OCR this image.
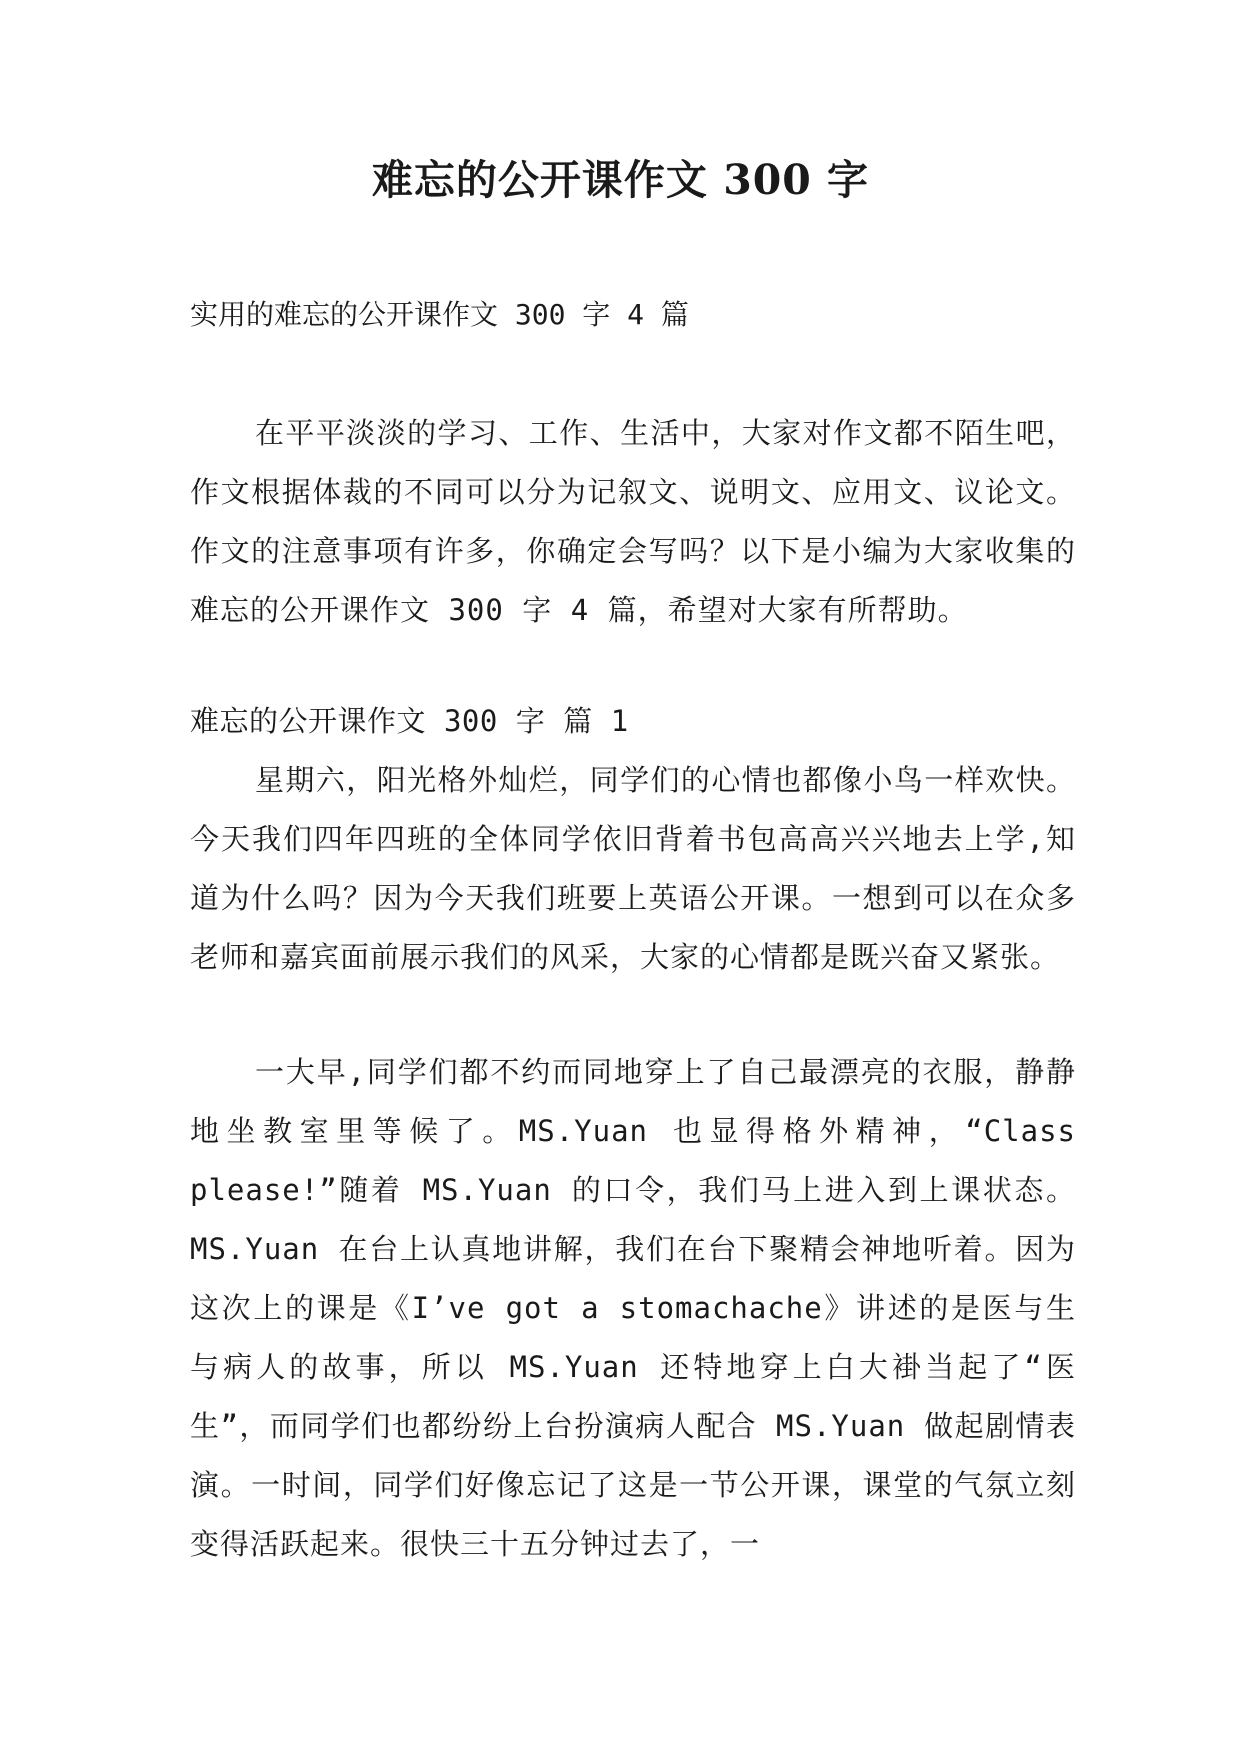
难忘的公开课作文 300 字

实用的难忘的公开课作文 300 字 4 篇

在平平淡淡的学习、工作、生活中，大家对作文都不陌生吧，作文根据体裁的不同可以分为记叙文、说明文、应用文、议论文。作文的注意事项有许多，你确定会写吗？以下是小编为大家收集的难忘的公开课作文 300 字 4 篇，希望对大家有所帮助。

难忘的公开课作文 300 字 篇 1

星期六，阳光格外灿烂，同学们的心情也都像小鸟一样欢快。今天我们四年四班的全体同学依旧背着书包高高兴兴地去上学,知道为什么吗？因为今天我们班要上英语公开课。一想到可以在众多老师和嘉宾面前展示我们的风采，大家的心情都是既兴奋又紧张。

一大早,同学们都不约而同地穿上了自己最漂亮的衣服，静静地坐教室里等候了。MS.Yuan 也显得格外精神，“Class please!”随着 MS.Yuan 的口令，我们马上进入到上课状态。MS.Yuan 在台上认真地讲解，我们在台下聚精会神地听着。因为这次上的课是《I’ve got a stomachache》讲述的是医与生与病人的故事，所以 MS.Yuan 还特地穿上白大褂当起了“医生”，而同学们也都纷纷上台扮演病人配合 MS.Yuan 做起剧情表演。一时间，同学们好像忘记了这是一节公开课，课堂的气氛立刻变得活跃起来。很快三十五分钟过去了，一
